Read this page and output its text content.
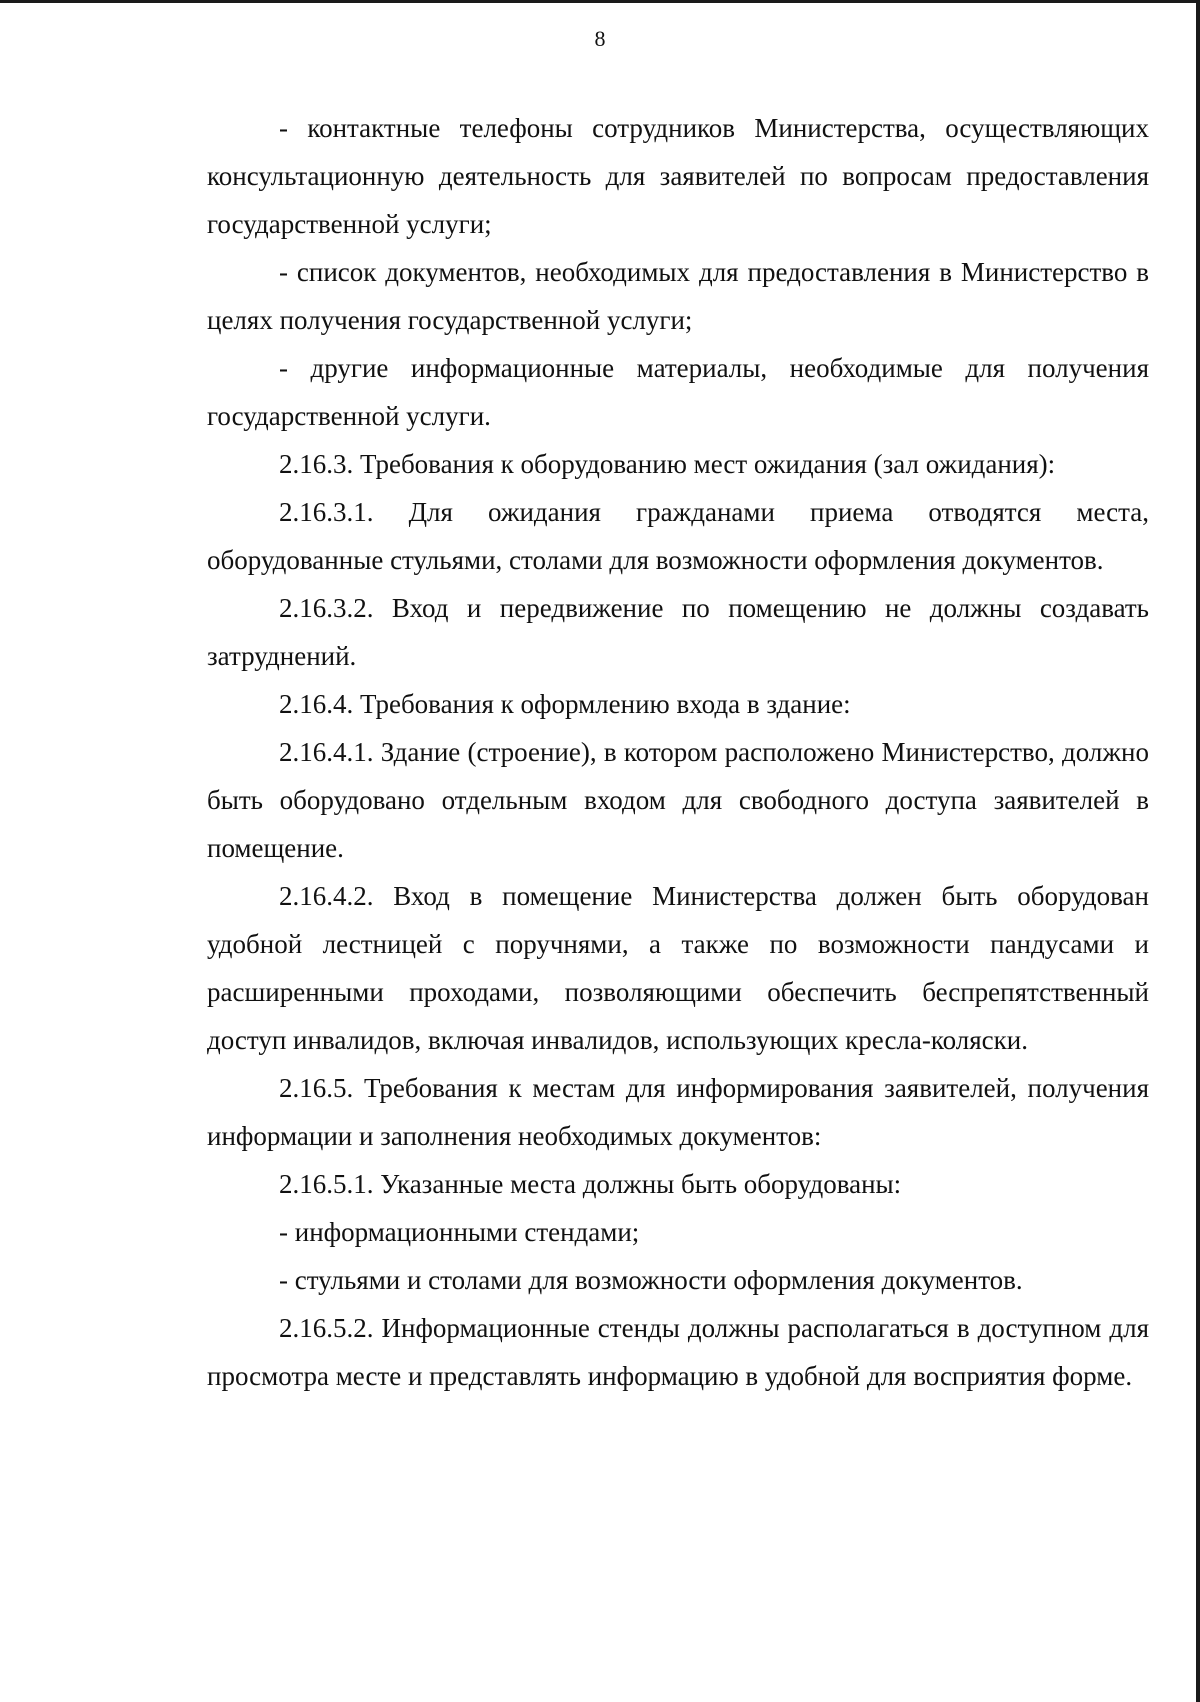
8

- контактные телефоны сотрудников Министерства, осуществляющих консультационную деятельность для заявителей по вопросам предоставления государственной услуги;

- список документов, необходимых для предоставления в Министерство в целях получения государственной услуги;

- другие информационные материалы, необходимые для получения государственной услуги.

2.16.3. Требования к оборудованию мест ожидания (зал ожидания):

2.16.3.1. Для ожидания гражданами приема отводятся места, оборудованные стульями, столами для возможности оформления документов.

2.16.3.2. Вход и передвижение по помещению не должны создавать затруднений.

2.16.4. Требования к оформлению входа в здание:

2.16.4.1. Здание (строение), в котором расположено Министерство, должно быть оборудовано отдельным входом для свободного доступа заявителей в помещение.

2.16.4.2. Вход в помещение Министерства должен быть оборудован удобной лестницей с поручнями, а также по возможности пандусами и расширенными проходами, позволяющими обеспечить беспрепятственный доступ инвалидов, включая инвалидов, использующих кресла-коляски.

2.16.5. Требования к местам для информирования заявителей, получения информации и заполнения необходимых документов:

2.16.5.1. Указанные места должны быть оборудованы:

- информационными стендами;

- стульями и столами для возможности оформления документов.

2.16.5.2. Информационные стенды должны располагаться в доступном для просмотра месте и представлять информацию в удобной для восприятия форме.
